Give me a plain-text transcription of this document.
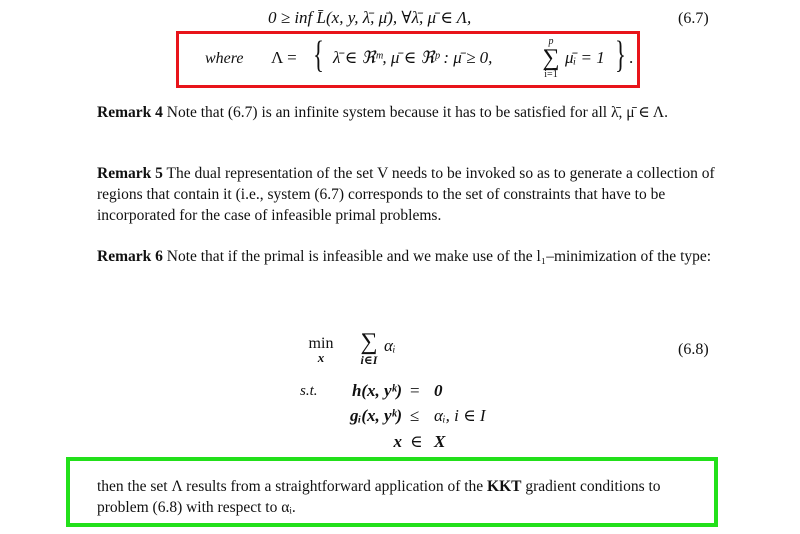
0 ≥ inf L̄(x, y, λ̄, μ̄), ∀λ̄, μ̄ ∈ Λ,	(6.7)
where Λ = { λ̄ ∈ ℜᵐ, μ̄ ∈ ℜᵖ : μ̄ ≥ 0,
p
∑
i=1
μ̄ᵢ = 1 } .
Remark 4 Note that (6.7) is an infinite system because it has to be satisfied for all λ̄, μ̄ ∈ Λ.
Remark 5 The dual representation of the set V needs to be invoked so as to generate a collection of regions that contain it (i.e., system (6.7) corresponds to the set of constraints that have to be incorporated for the case of infeasible primal problems.
Remark 6 Note that if the primal is infeasible and we make use of the l₁–minimization of the type:
min
x
∑
i∈I
αᵢ	(6.8)
s.t.	h(x, yᵏ) = 0
gᵢ(x, yᵏ) ≤ αᵢ, i ∈ I
x ∈ X
then the set Λ results from a straightforward application of the KKT gradient conditions to problem (6.8) with respect to αᵢ.
